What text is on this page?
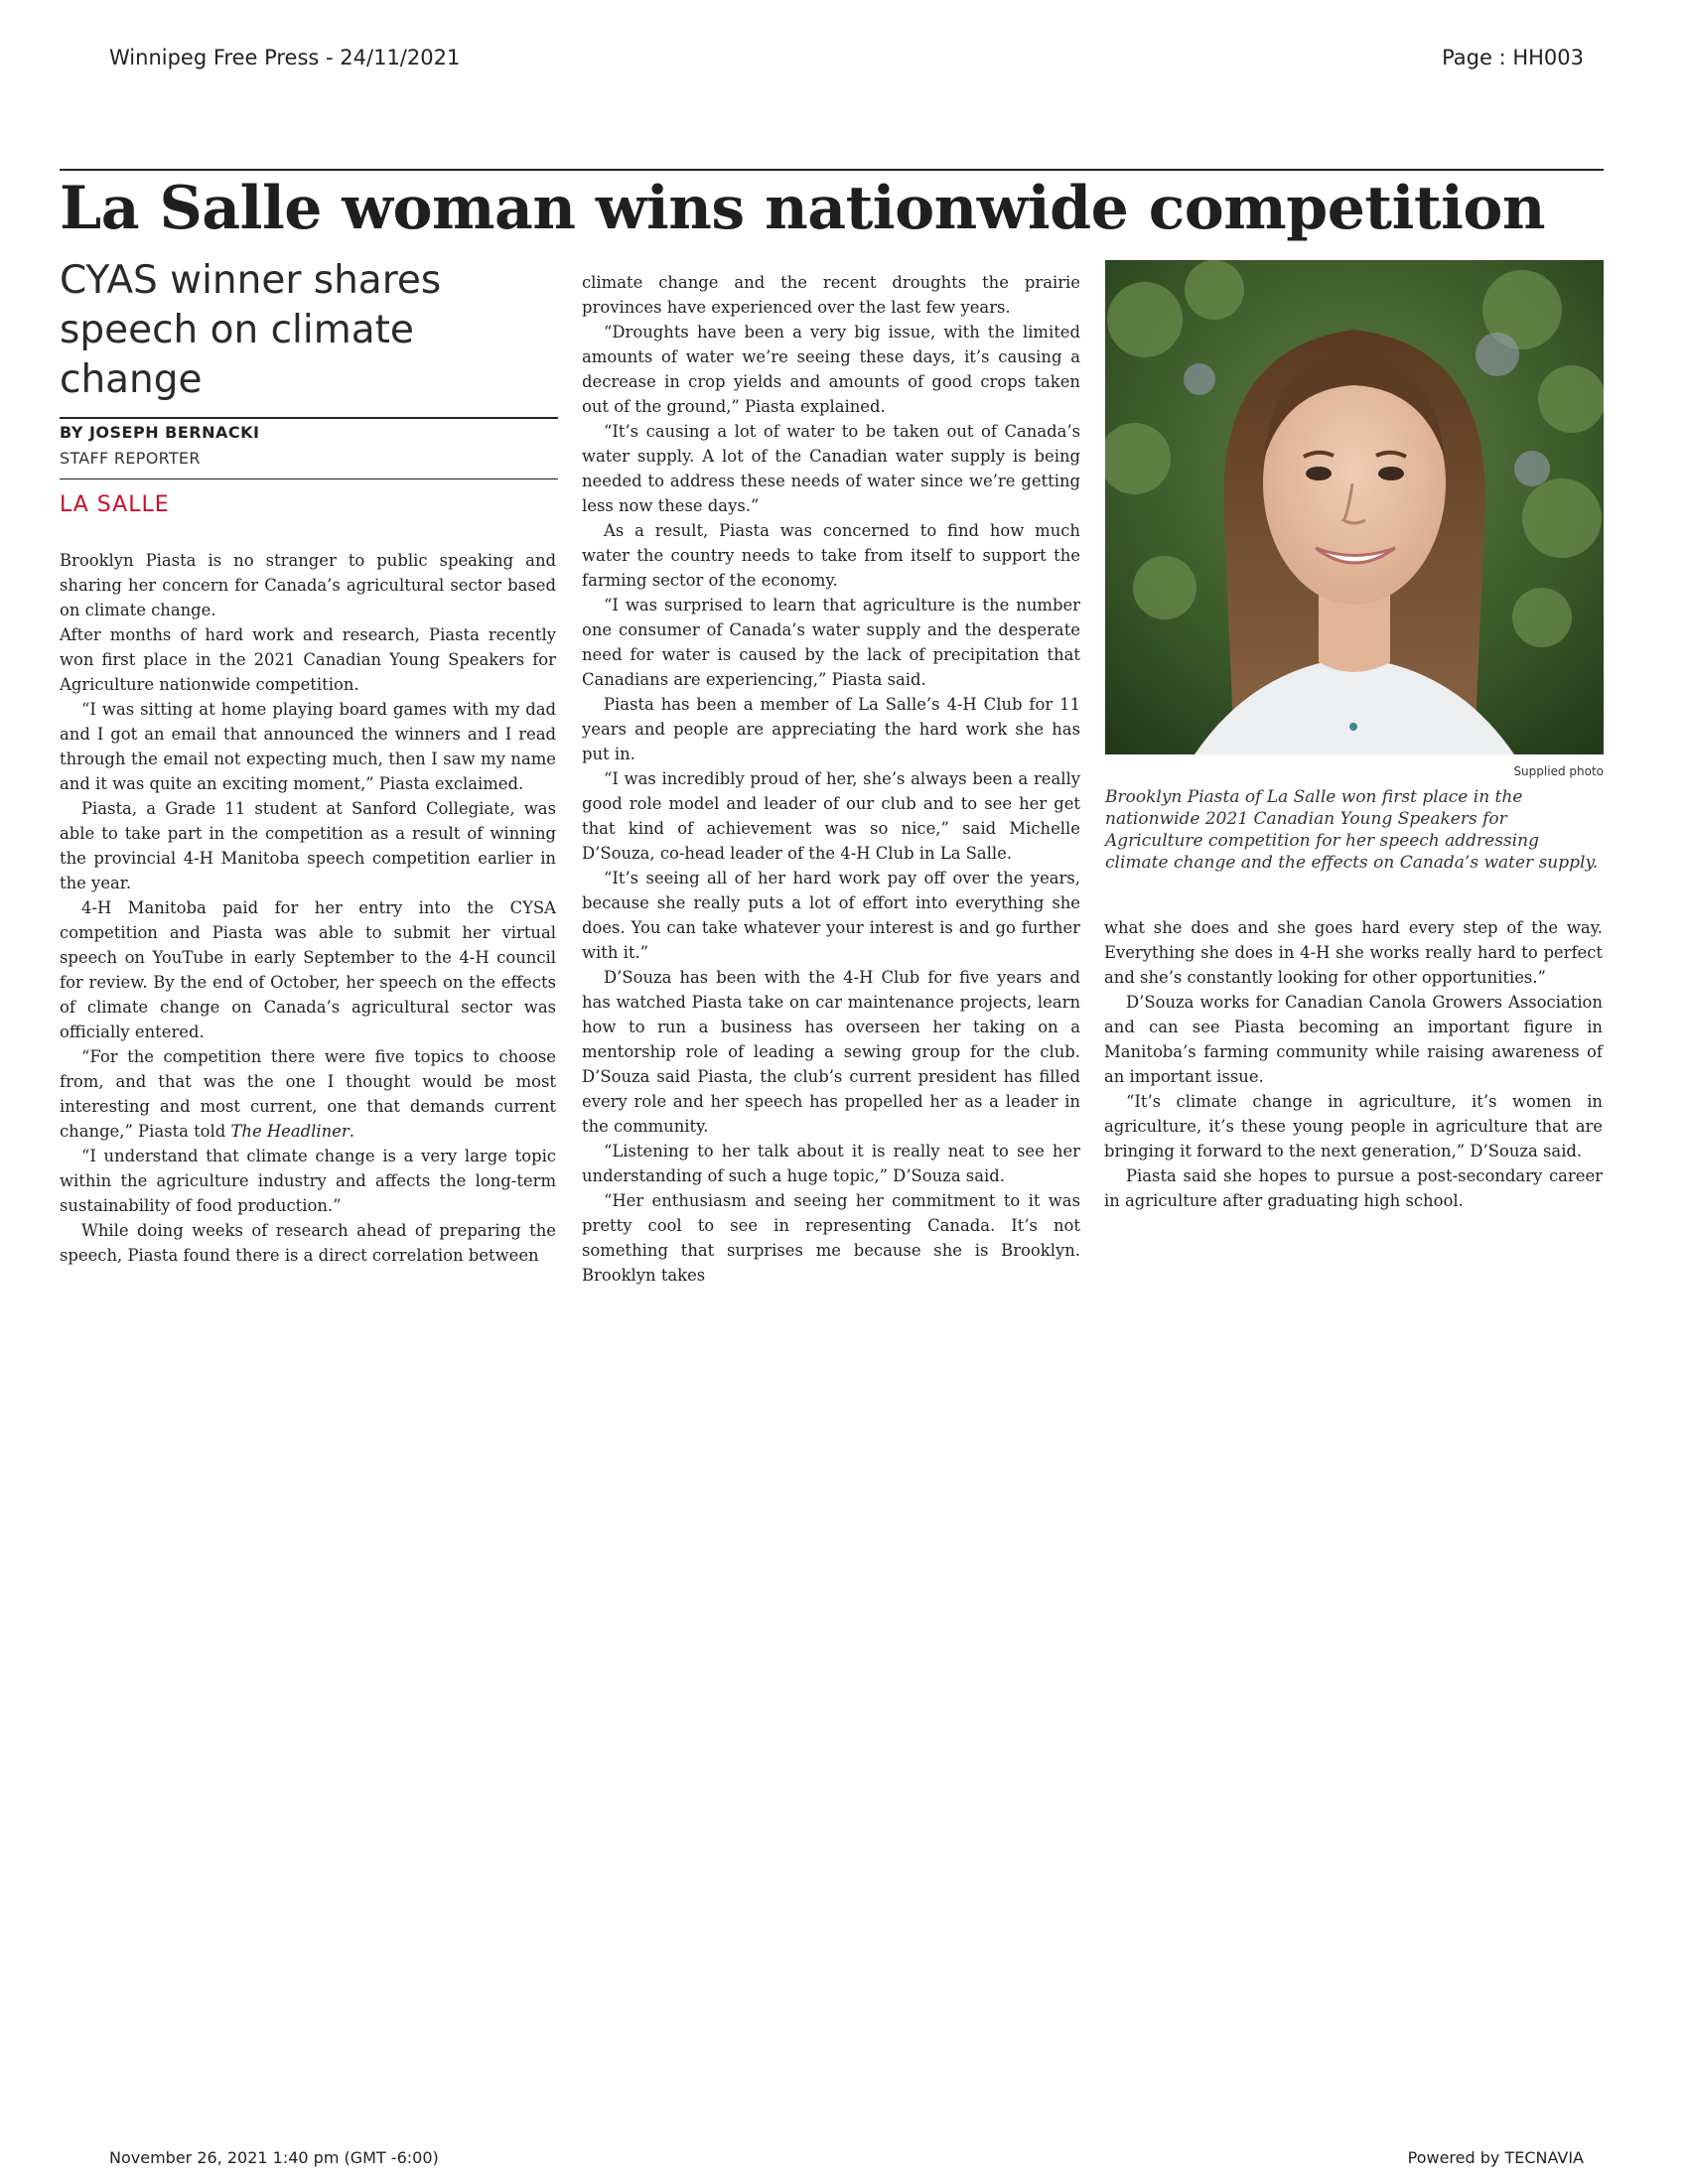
Winnipeg Free Press - 24/11/2021	Page : HH003
La Salle woman wins nationwide competition
CYAS winner shares speech on climate change
BY JOSEPH BERNACKI
STAFF REPORTER
LA SALLE

Brooklyn Piasta is no stranger to public speaking and sharing her concern for Canada’s agricultural sector based on climate change.

After months of hard work and research, Piasta recently won first place in the 2021 Canadian Young Speakers for Agriculture nationwide competition.

“I was sitting at home playing board games with my dad and I got an email that announced the winners and I read through the email not expecting much, then I saw my name and it was quite an exciting moment,” Piasta exclaimed.

Piasta, a Grade 11 student at Sanford Collegiate, was able to take part in the competition as a result of winning the provincial 4-H Manitoba speech competition earlier in the year.

4-H Manitoba paid for her entry into the CYSA competition and Piasta was able to submit her virtual speech on YouTube in early September to the 4-H council for review. By the end of October, her speech on the effects of climate change on Canada’s agricultural sector was officially entered.

“For the competition there were five topics to choose from, and that was the one I thought would be most interesting and most current, one that demands current change,” Piasta told The Headliner.

“I understand that climate change is a very large topic within the agriculture industry and affects the long-term sustainability of food production.”

While doing weeks of research ahead of preparing the speech, Piasta found there is a direct correlation between

climate change and the recent droughts the prairie provinces have experienced over the last few years.

“Droughts have been a very big issue, with the limited amounts of water we’re seeing these days, it’s causing a decrease in crop yields and amounts of good crops taken out of the ground,” Piasta explained.

“It’s causing a lot of water to be taken out of Canada’s water supply. A lot of the Canadian water supply is being needed to address these needs of water since we’re getting less now these days.”

As a result, Piasta was concerned to find how much water the country needs to take from itself to support the farming sector of the economy.

“I was surprised to learn that agriculture is the number one consumer of Canada’s water supply and the desperate need for water is caused by the lack of precipitation that Canadians are experiencing,” Piasta said.

Piasta has been a member of La Salle’s 4-H Club for 11 years and people are appreciating the hard work she has put in.

“I was incredibly proud of her, she’s always been a really good role model and leader of our club and to see her get that kind of achievement was so nice,” said Michelle D’Souza, co-head leader of the 4-H Club in La Salle.

“It’s seeing all of her hard work pay off over the years, because she really puts a lot of effort into everything she does. You can take whatever your interest is and go further with it.”

D’Souza has been with the 4-H Club for five years and has watched Piasta take on car maintenance projects, learn how to run a business has overseen her taking on a mentorship role of leading a sewing group for the club. D’Souza said Piasta, the club’s current president has filled every role and her speech has propelled her as a leader in the community.

“Listening to her talk about it is really neat to see her understanding of such a huge topic,” D’Souza said.

“Her enthusiasm and seeing her commitment to it was pretty cool to see in representing Canada. It’s not something that surprises me because she is Brooklyn. Brooklyn takes

Supplied photo

Brooklyn Piasta of La Salle won first place in the nationwide 2021 Canadian Young Speakers for Agriculture competition for her speech addressing climate change and the effects on Canada’s water supply.

what she does and she goes hard every step of the way. Everything she does in 4-H she works really hard to perfect and she’s constantly looking for other opportunities.”

D’Souza works for Canadian Canola Growers Association and can see Piasta becoming an important figure in Manitoba’s farming community while raising awareness of an important issue.

“It’s climate change in agriculture, it’s women in agriculture, it’s these young people in agriculture that are bringing it forward to the next generation,” D’Souza said.

Piasta said she hopes to pursue a post-secondary career in agriculture after graduating high school.

November 26, 2021 1:40 pm (GMT -6:00)	Powered by TECNAVIA
